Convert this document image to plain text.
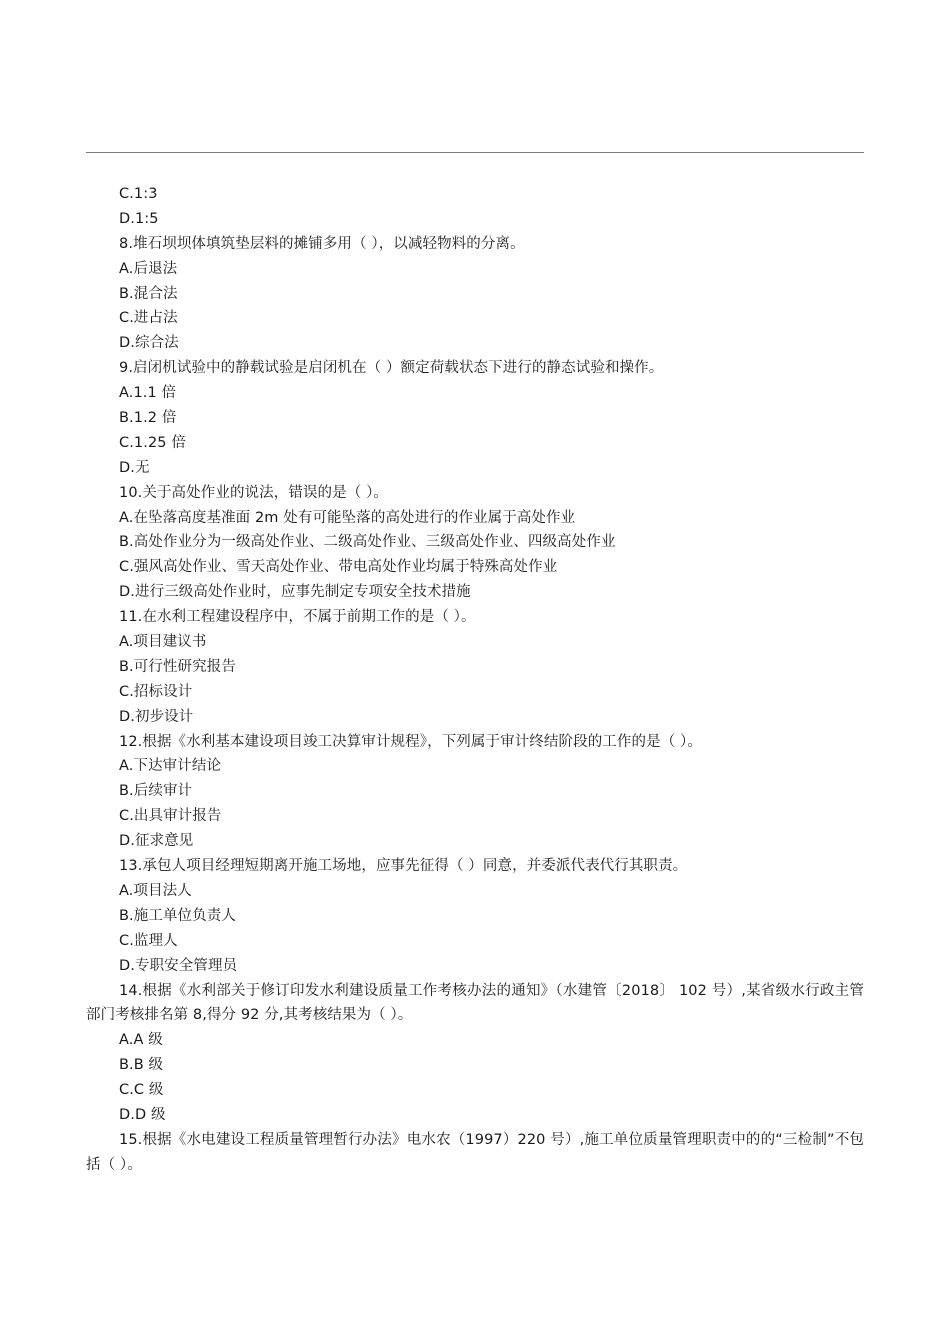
C.1:3
D.1:5
8.堆石坝坝体填筑垫层料的摊铺多用（ ），以减轻物料的分离。
A.后退法
B.混合法
C.进占法
D.综合法
9.启闭机试验中的静载试验是启闭机在（ ）额定荷载状态下进行的静态试验和操作。
A.1.1 倍
B.1.2 倍
C.1.25 倍
D.无
10.关于高处作业的说法，错误的是（ ）。
A.在坠落高度基准面 2m 处有可能坠落的高处进行的作业属于高处作业
B.高处作业分为一级高处作业、二级高处作业、三级高处作业、四级高处作业
C.强风高处作业、雪天高处作业、带电高处作业均属于特殊高处作业
D.进行三级高处作业时，应事先制定专项安全技术措施
11.在水利工程建设程序中，不属于前期工作的是（ ）。
A.项目建议书
B.可行性研究报告
C.招标设计
D.初步设计
12.根据《水利基本建设项目竣工决算审计规程》，下列属于审计终结阶段的工作的是（ ）。
A.下达审计结论
B.后续审计
C.出具审计报告
D.征求意见
13.承包人项目经理短期离开施工场地，应事先征得（ ）同意，并委派代表代行其职责。
A.项目法人
B.施工单位负责人
C.监理人
D.专职安全管理员
14.根据《水利部关于修订印发水利建设质量工作考核办法的通知》（水建管〔2018〕 102 号）,某省级水行政主管部门考核排名第 8,得分 92 分,其考核结果为（ ）。
A.A 级
B.B 级
C.C 级
D.D 级
15.根据《水电建设工程质量管理暂行办法》电水农（1997）220 号）,施工单位质量管理职责中的的“三检制”不包括（ ）。
